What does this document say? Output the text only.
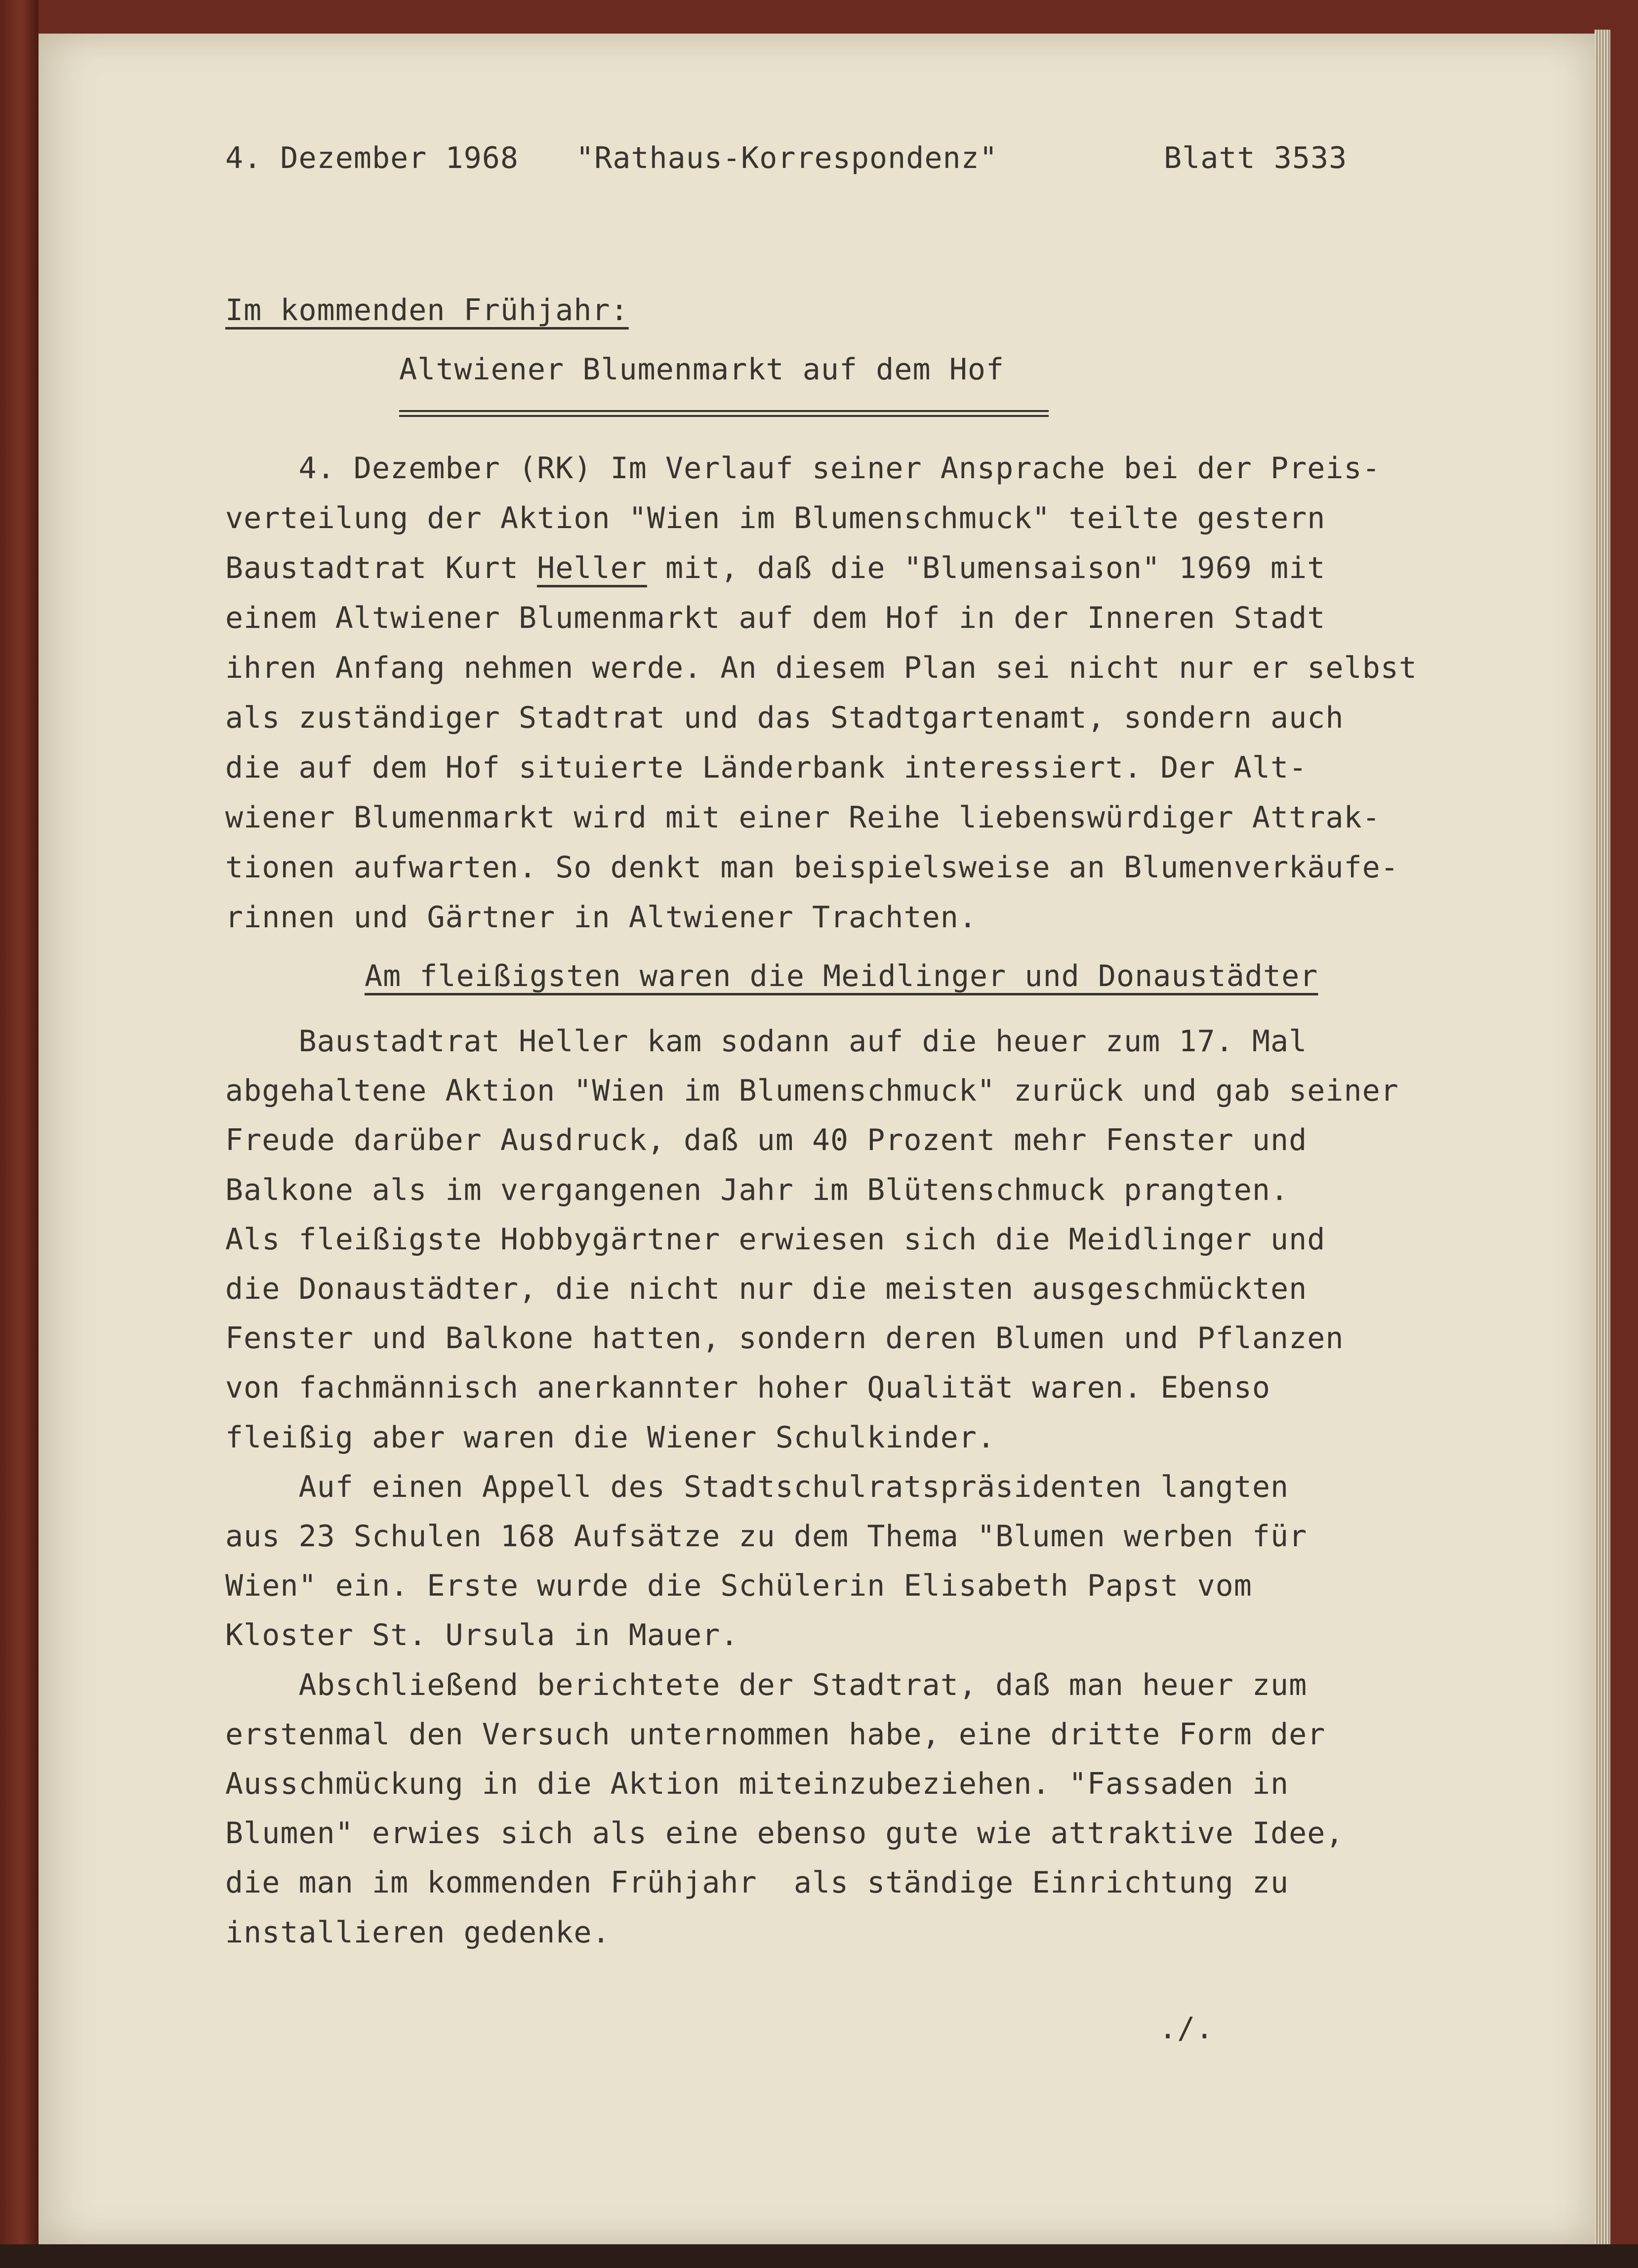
4. Dezember 1968 "Rathaus-Korrespondenz"	Blatt 3533

Im kommenden Frühjahr:

Altwiener Blumenmarkt auf dem Hof

4. Dezember (RK) Im Verlauf seiner Ansprache bei der Preis-

verteilung der Aktion "Wien im Blumenschmuck" teilte gestern

Baustadtrat Kurt Heller mit, daß die "Blumensaison" 1969 mit

einem Altwiener Blumenmarkt auf dem Hof in der Inneren Stadt

ihren Anfang nehmen werde. An diesem Plan sei nicht nur er selbst

als zuständiger Stadtrat und das Stadtgartenamt, sondern auch

die auf dem Hof situierte Länderbank interessiert. Der Alt-

wiener Blumenmarkt wird mit einer Reihe liebenswürdiger Attrak-

tionen aufwarten. So denkt man beispielsweise an Blumenverkäufe-

rinnen und Gärtner in Altwiener Trachten.

Am fleißigsten waren die Meidlinger und Donaustädter

Baustadtrat Heller kam sodann auf die heuer zum 17. Mal

abgehaltene Aktion "Wien im Blumenschmuck" zurück und gab seiner

Freude darüber Ausdruck, daß um 40 Prozent mehr Fenster und

Balkone als im vergangenen Jahr im Blütenschmuck prangten.

Als fleißigste Hobbygärtner erwiesen sich die Meidlinger und

die Donaustädter, die nicht nur die meisten ausgeschmückten

Fenster und Balkone hatten, sondern deren Blumen und Pflanzen

von fachmännisch anerkannter hoher Qualität waren. Ebenso

fleißig aber waren die Wiener Schulkinder.

Auf einen Appell des Stadtschulratspräsidenten langten

aus 23 Schulen 168 Aufsätze zu dem Thema "Blumen werben für

Wien" ein. Erste wurde die Schülerin Elisabeth Papst vom

Kloster St. Ursula in Mauer.

Abschließend berichtete der Stadtrat, daß man heuer zum

erstenmal den Versuch unternommen habe, eine dritte Form der

Ausschmückung in die Aktion miteinzubeziehen. "Fassaden in

Blumen" erwies sich als eine ebenso gute wie attraktive Idee,

die man im kommenden Frühjahr  als ständige Einrichtung zu

installieren gedenke.

./.
